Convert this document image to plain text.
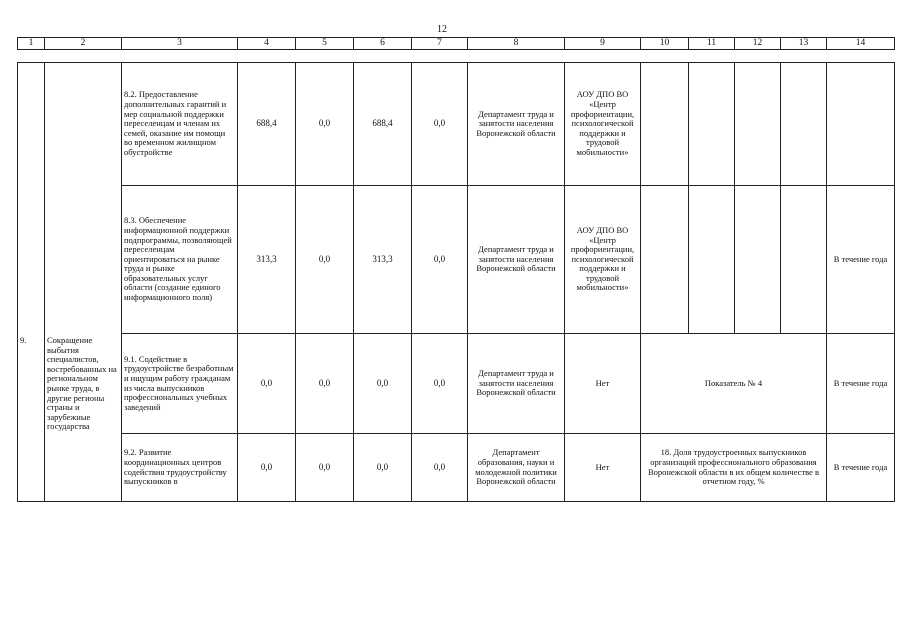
12
1	2	3	4	5	6	7	8	9	10	11	12	13	14
9.	Сокращение выбытия специалистов, востребованных на региональном рынке труда, в другие регионы страны и зарубежные государства	8.2. Предоставление дополнительных гарантий и мер социальной поддержки переселенцам и членам их семей, оказание им помощи во временном жилищном обустройстве	688,4	0,0	688,4	0,0	Департамент труда и занятости населения Воронежской области	АОУ ДПО ВО «Центр профориентации, психологической поддержки и трудовой мобильности»					
		8.3. Обеспечение информационной поддержки подпрограммы, позволяющей переселенцам ориентироваться на рынке труда и рынке образовательных услуг области (создание единого информационного поля)	313,3	0,0	313,3	0,0	Департамент труда и занятости населения Воронежской области	АОУ ДПО ВО «Центр профориентации, психологической поддержки и трудовой мобильности»					В течение года
		9.1. Содействие в трудоустройстве безработным и ищущим работу гражданам из числа выпускников профессиональных учебных заведений	0,0	0,0	0,0	0,0	Департамент труда и занятости населения Воронежской области	Нет	Показатель № 4				В течение года
		9.2. Развитие координационных центров содействия трудоустройству выпускников в	0,0	0,0	0,0	0,0	Департамент образования, науки и молодежной политики Воронежской области	Нет	18. Доля трудоустроенных выпускников организаций профессионального образования Воронежской области в их общем количестве в отчетном году, %				В течение года
